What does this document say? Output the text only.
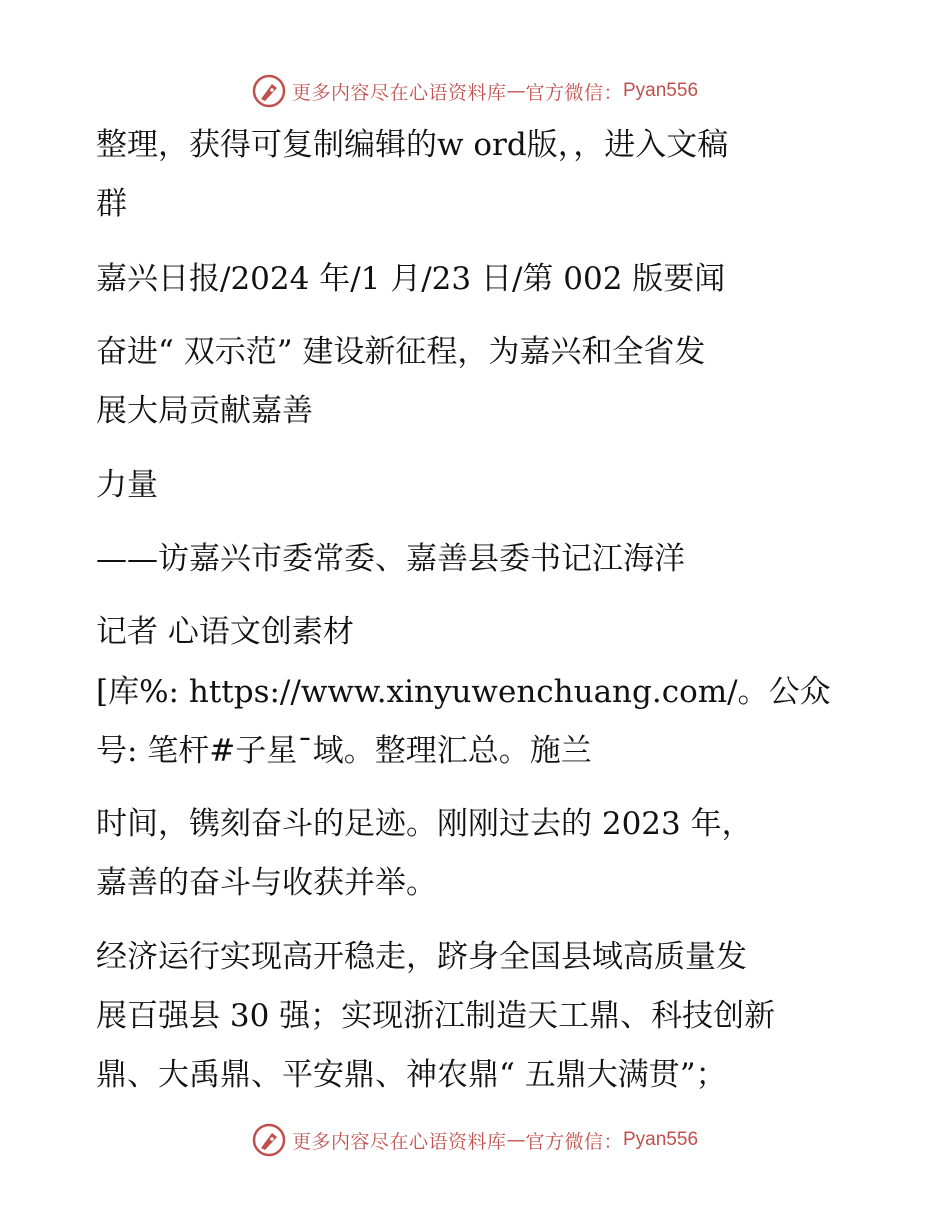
更多内容尽在心语资料库 — 官方微信： Pyan556

整理，获得可复制编辑的w ord版，，进入文稿
群

嘉兴日报/2024 年/1 月/23 日/第 002 版要闻

奋进“ 双示范” 建设新征程，为嘉兴和全省发
展大局贡献嘉善

力量

——访嘉兴市委常委、嘉善县委书记江海洋

记者 心语文创素材

[库%: https://www.xinyuwenchuang.com/。公众
号: 笔杆#子星¯域。整理汇总。施兰

时间，镌刻奋斗的足迹。刚刚过去的 2023 年，
嘉善的奋斗与收获并举。

经济运行实现高开稳走，跻身全国县域高质量发
展百强县 30 强；实现浙江制造天工鼎、科技创新
鼎、大禹鼎、平安鼎、神农鼎“ 五鼎大满贯”；

更多内容尽在心语资料库 — 官方微信： Pyan556
